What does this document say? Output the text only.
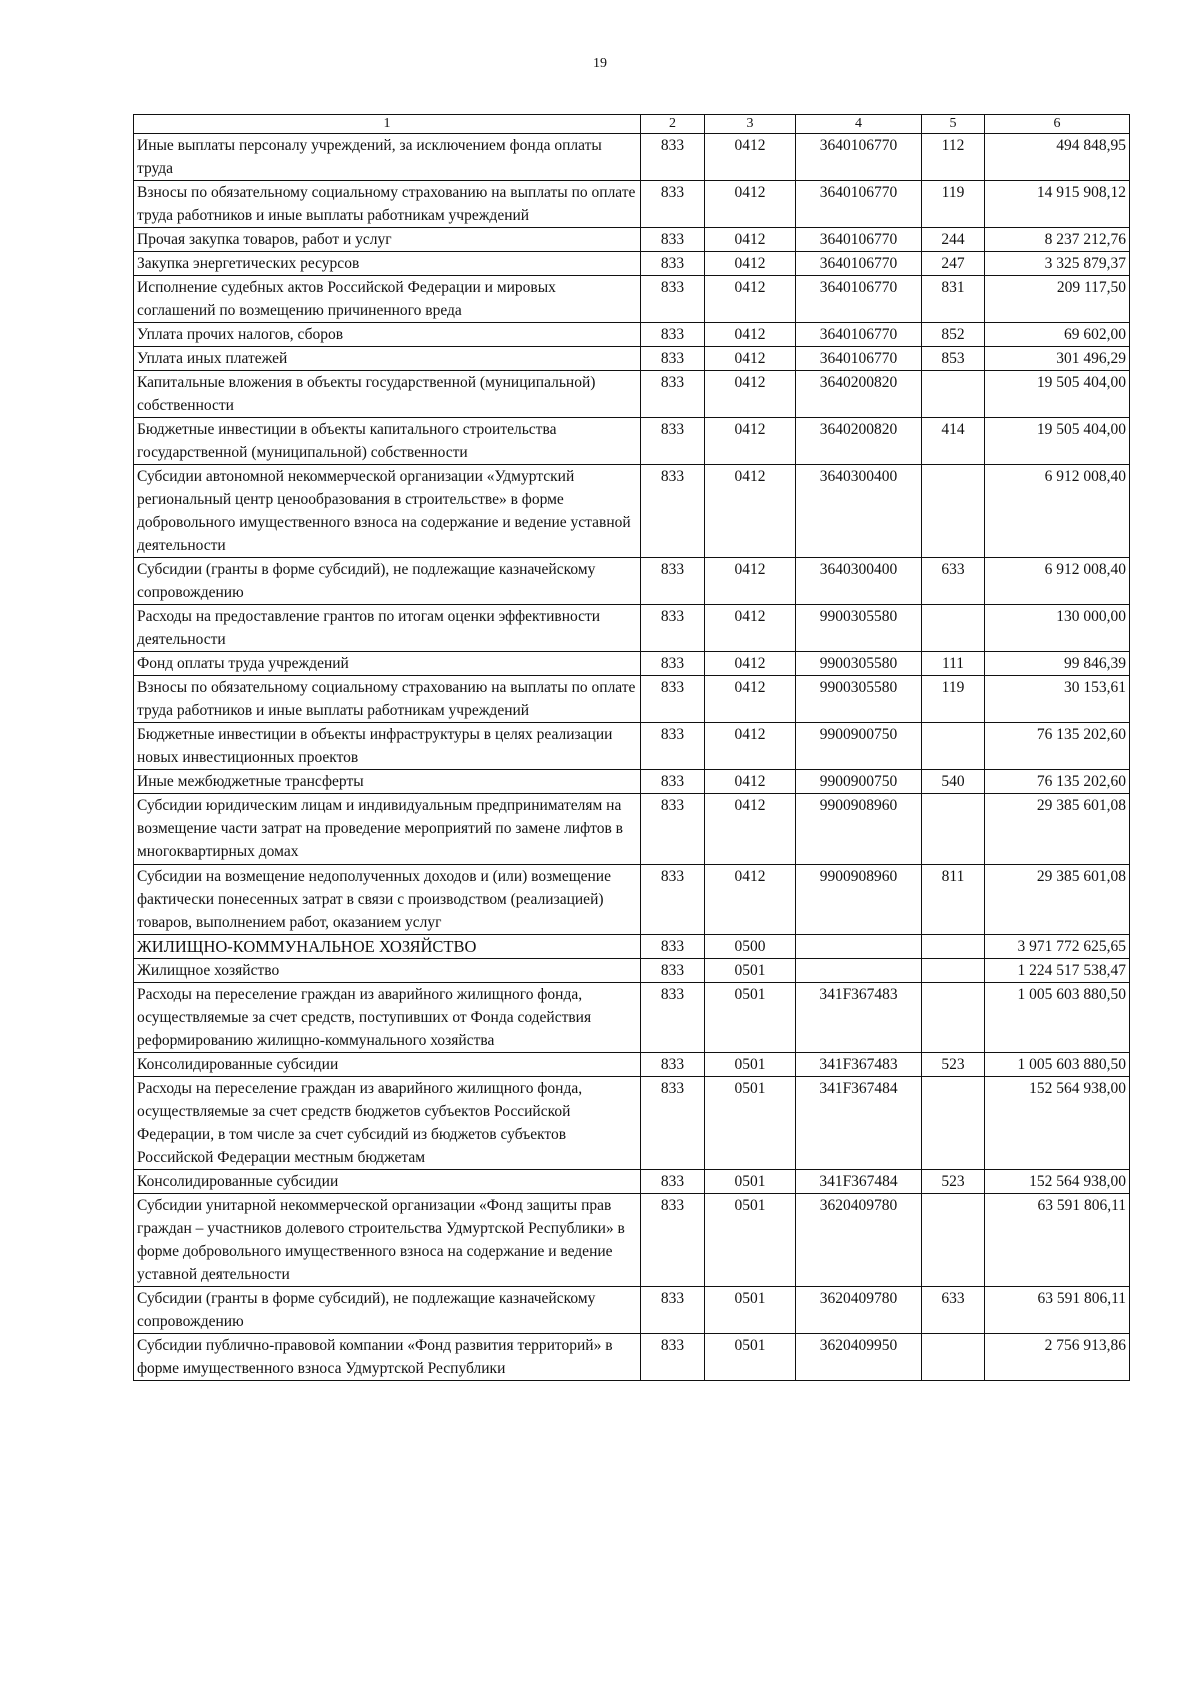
19
1	2	3	4	5	6
Иные выплаты персоналу учреждений, за исключением фонда оплаты труда	833	0412	3640106770	112	494 848,95
Взносы по обязательному социальному страхованию на выплаты по оплате труда работников и иные выплаты работникам учреждений	833	0412	3640106770	119	14 915 908,12
Прочая закупка товаров, работ и услуг	833	0412	3640106770	244	8 237 212,76
Закупка энергетических ресурсов	833	0412	3640106770	247	3 325 879,37
Исполнение судебных актов Российской Федерации и мировых соглашений по возмещению причиненного вреда	833	0412	3640106770	831	209 117,50
Уплата прочих налогов, сборов	833	0412	3640106770	852	69 602,00
Уплата иных платежей	833	0412	3640106770	853	301 496,29
Капитальные вложения в объекты государственной (муниципальной) собственности	833	0412	3640200820		19 505 404,00
Бюджетные инвестиции в объекты капитального строительства государственной (муниципальной) собственности	833	0412	3640200820	414	19 505 404,00
Субсидии автономной некоммерческой организации «Удмуртский региональный центр ценообразования в строительстве» в форме добровольного имущественного взноса на содержание и ведение уставной деятельности	833	0412	3640300400		6 912 008,40
Субсидии (гранты в форме субсидий), не подлежащие казначейскому сопровождению	833	0412	3640300400	633	6 912 008,40
Расходы на предоставление грантов по итогам оценки эффективности деятельности	833	0412	9900305580		130 000,00
Фонд оплаты труда учреждений	833	0412	9900305580	111	99 846,39
Взносы по обязательному социальному страхованию на выплаты по оплате труда работников и иные выплаты работникам учреждений	833	0412	9900305580	119	30 153,61
Бюджетные инвестиции в объекты инфраструктуры в целях реализации новых инвестиционных проектов	833	0412	9900900750		76 135 202,60
Иные межбюджетные трансферты	833	0412	9900900750	540	76 135 202,60
Субсидии юридическим лицам и индивидуальным предпринимателям на возмещение части затрат на проведение мероприятий по замене лифтов в многоквартирных домах	833	0412	9900908960		29 385 601,08
Субсидии на возмещение недополученных доходов и (или) возмещение фактически понесенных затрат в связи с производством (реализацией) товаров, выполнением работ, оказанием услуг	833	0412	9900908960	811	29 385 601,08
ЖИЛИЩНО-КОММУНАЛЬНОЕ ХОЗЯЙСТВО	833	0500			3 971 772 625,65
Жилищное хозяйство	833	0501			1 224 517 538,47
Расходы на переселение граждан из аварийного жилищного фонда, осуществляемые за счет средств, поступивших от Фонда содействия реформированию жилищно-коммунального хозяйства	833	0501	341F367483		1 005 603 880,50
Консолидированные субсидии	833	0501	341F367483	523	1 005 603 880,50
Расходы на переселение граждан из аварийного жилищного фонда, осуществляемые за счет средств бюджетов субъектов Российской Федерации, в том числе за счет субсидий из бюджетов субъектов Российской Федерации местным бюджетам	833	0501	341F367484		152 564 938,00
Консолидированные субсидии	833	0501	341F367484	523	152 564 938,00
Субсидии унитарной некоммерческой организации «Фонд защиты прав граждан – участников долевого строительства Удмуртской Республики» в форме добровольного имущественного взноса на содержание и ведение уставной деятельности	833	0501	3620409780		63 591 806,11
Субсидии (гранты в форме субсидий), не подлежащие казначейскому сопровождению	833	0501	3620409780	633	63 591 806,11
Субсидии публично-правовой компании «Фонд развития территорий» в форме имущественного взноса Удмуртской Республики	833	0501	3620409950		2 756 913,86
